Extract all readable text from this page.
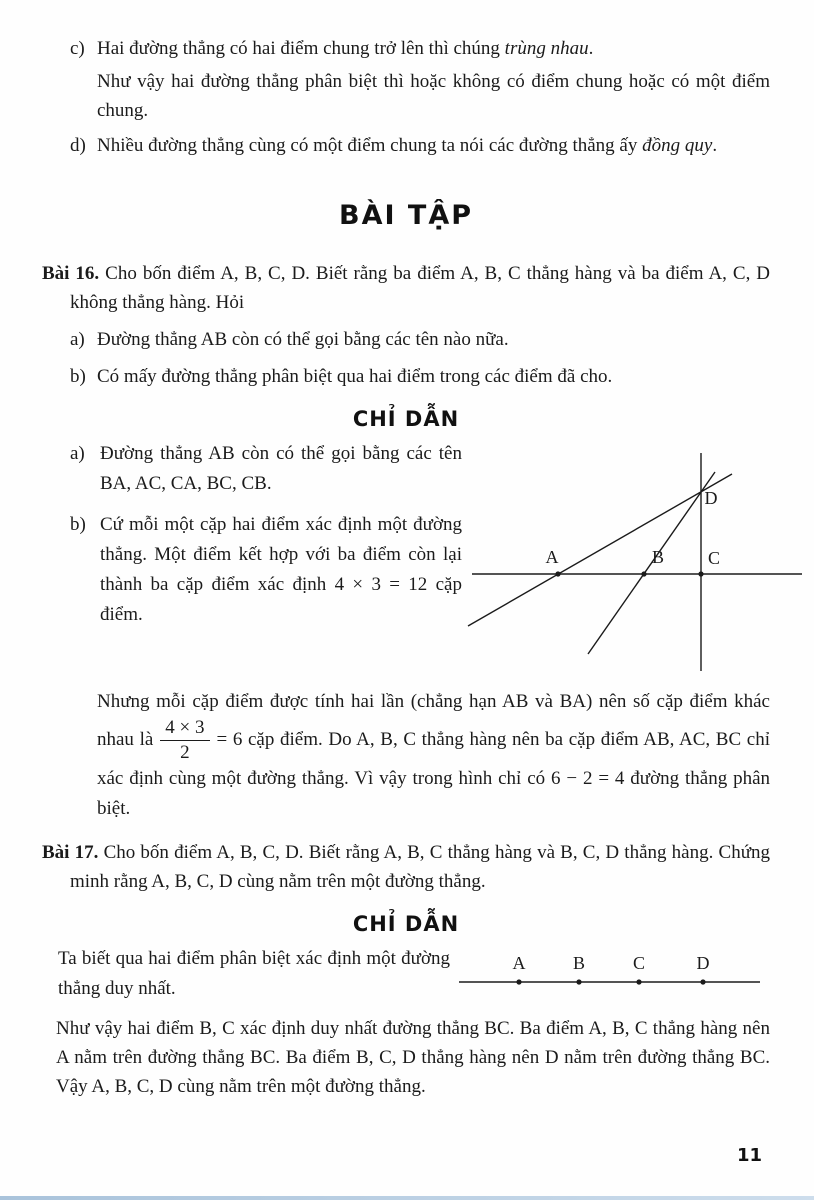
c) Hai đường thẳng có hai điểm chung trở lên thì chúng trùng nhau.

Như vậy hai đường thẳng phân biệt thì hoặc không có điểm chung hoặc có một điểm chung.

d) Nhiều đường thẳng cùng có một điểm chung ta nói các đường thẳng ấy đồng quy.

BÀI TẬP

Bài 16. Cho bốn điểm A, B, C, D. Biết rằng ba điểm A, B, C thẳng hàng và ba điểm A, C, D không thẳng hàng. Hỏi

a) Đường thẳng AB còn có thể gọi bằng các tên nào nữa.

b) Có mấy đường thẳng phân biệt qua hai điểm trong các điểm đã cho.

CHỈ DẪN

a) Đường thẳng AB còn có thể gọi bằng các tên BA, AC, CA, BC, CB.

b) Cứ mỗi một cặp hai điểm xác định một đường thẳng. Một điểm kết hợp với ba điểm còn lại thành ba cặp điểm xác định 4 × 3 = 12 cặp điểm.

A	B C
D

Nhưng mỗi cặp điểm được tính hai lần (chẳng hạn AB và BA) nên số cặp điểm khác nhau là $\frac{4 \times 3}{2} = 6$ cặp điểm. Do A, B, C thẳng hàng nên ba cặp điểm AB, AC, BC chỉ xác định cùng một đường thẳng. Vì vậy trong hình chỉ có 6 − 2 = 4 đường thẳng phân biệt.

Bài 17. Cho bốn điểm A, B, C, D. Biết rằng A, B, C thẳng hàng và B, C, D thẳng hàng. Chứng minh rằng A, B, C, D cùng nằm trên một đường thẳng.

CHỈ DẪN

Ta biết qua hai điểm phân biệt xác định một đường thẳng duy nhất.

A	B	C	D

Như vậy hai điểm B, C xác định duy nhất đường thẳng BC. Ba điểm A, B, C thẳng hàng nên A nằm trên đường thẳng BC. Ba điểm B, C, D thẳng hàng nên D nằm trên đường thẳng BC. Vậy A, B, C, D cùng nằm trên một đường thẳng.

11
